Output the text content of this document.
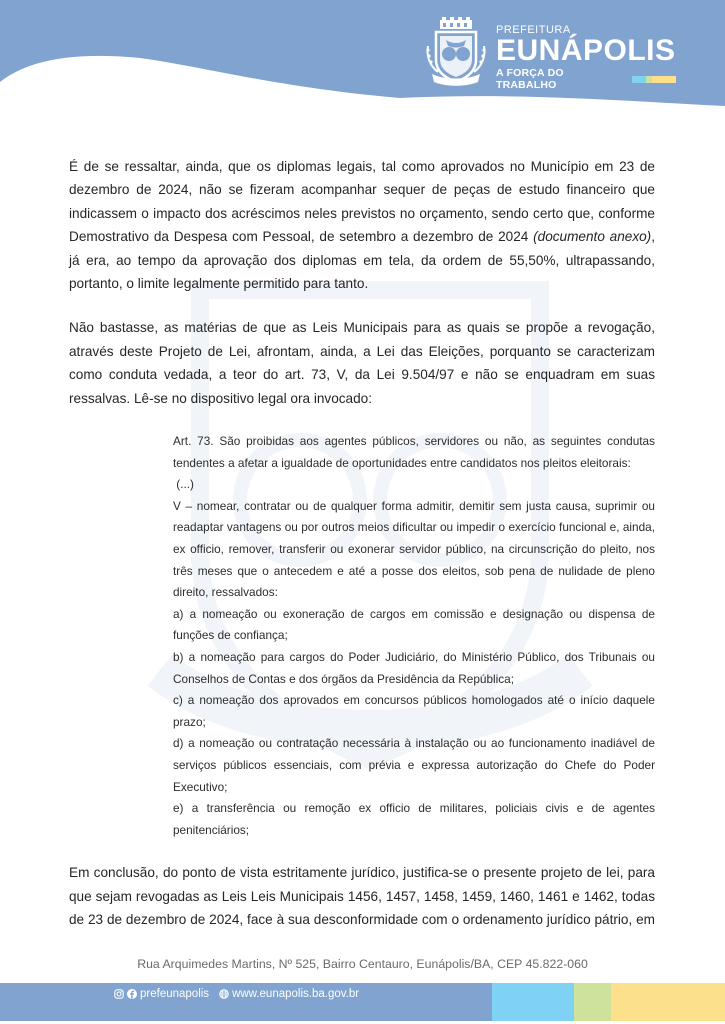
PREFEITURA
EUNÁPOLIS
A FORÇA DO TRABALHO

É de se ressaltar, ainda, que os diplomas legais, tal como aprovados no Município em 23 de dezembro de 2024, não se fizeram acompanhar sequer de peças de estudo financeiro que indicassem o impacto dos acréscimos neles previstos no orçamento, sendo certo que, conforme Demostrativo da Despesa com Pessoal, de setembro a dezembro de 2024 (documento anexo), já era, ao tempo da aprovação dos diplomas em tela, da ordem de 55,50%, ultrapassando, portanto, o limite legalmente permitido para tanto.

Não bastasse, as matérias de que as Leis Municipais para as quais se propõe a revogação, através deste Projeto de Lei, afrontam, ainda, a Lei das Eleições, porquanto se caracterizam como conduta vedada, a teor do art. 73, V, da Lei 9.504/97 e não se enquadram em suas ressalvas. Lê-se no dispositivo legal ora invocado:

Art. 73. São proibidas aos agentes públicos, servidores ou não, as seguintes condutas tendentes a afetar a igualdade de oportunidades entre candidatos nos pleitos eleitorais:

(...)

V – nomear, contratar ou de qualquer forma admitir, demitir sem justa causa, suprimir ou readaptar vantagens ou por outros meios dificultar ou impedir o exercício funcional e, ainda, ex officio, remover, transferir ou exonerar servidor público, na circunscrição do pleito, nos três meses que o antecedem e até a posse dos eleitos, sob pena de nulidade de pleno direito, ressalvados:

a) a nomeação ou exoneração de cargos em comissão e designação ou dispensa de funções de confiança;

b) a nomeação para cargos do Poder Judiciário, do Ministério Público, dos Tribunais ou Conselhos de Contas e dos órgãos da Presidência da República;

c) a nomeação dos aprovados em concursos públicos homologados até o início daquele prazo;

d) a nomeação ou contratação necessária à instalação ou ao funcionamento inadiável de serviços públicos essenciais, com prévia e expressa autorização do Chefe do Poder Executivo;

e) a transferência ou remoção ex officio de militares, policiais civis e de agentes penitenciários;

Em conclusão, do ponto de vista estritamente jurídico, justifica-se o presente projeto de lei, para que sejam revogadas as Leis Leis Municipais 1456, 1457, 1458, 1459, 1460, 1461 e 1462, todas de 23 de dezembro de 2024, face à sua desconformidade com o ordenamento jurídico pátrio, em

Rua Arquimedes Martins, Nº 525, Bairro Centauro, Eunápolis/BA, CEP 45.822-060
prefeunapolis www.eunapolis.ba.gov.br
